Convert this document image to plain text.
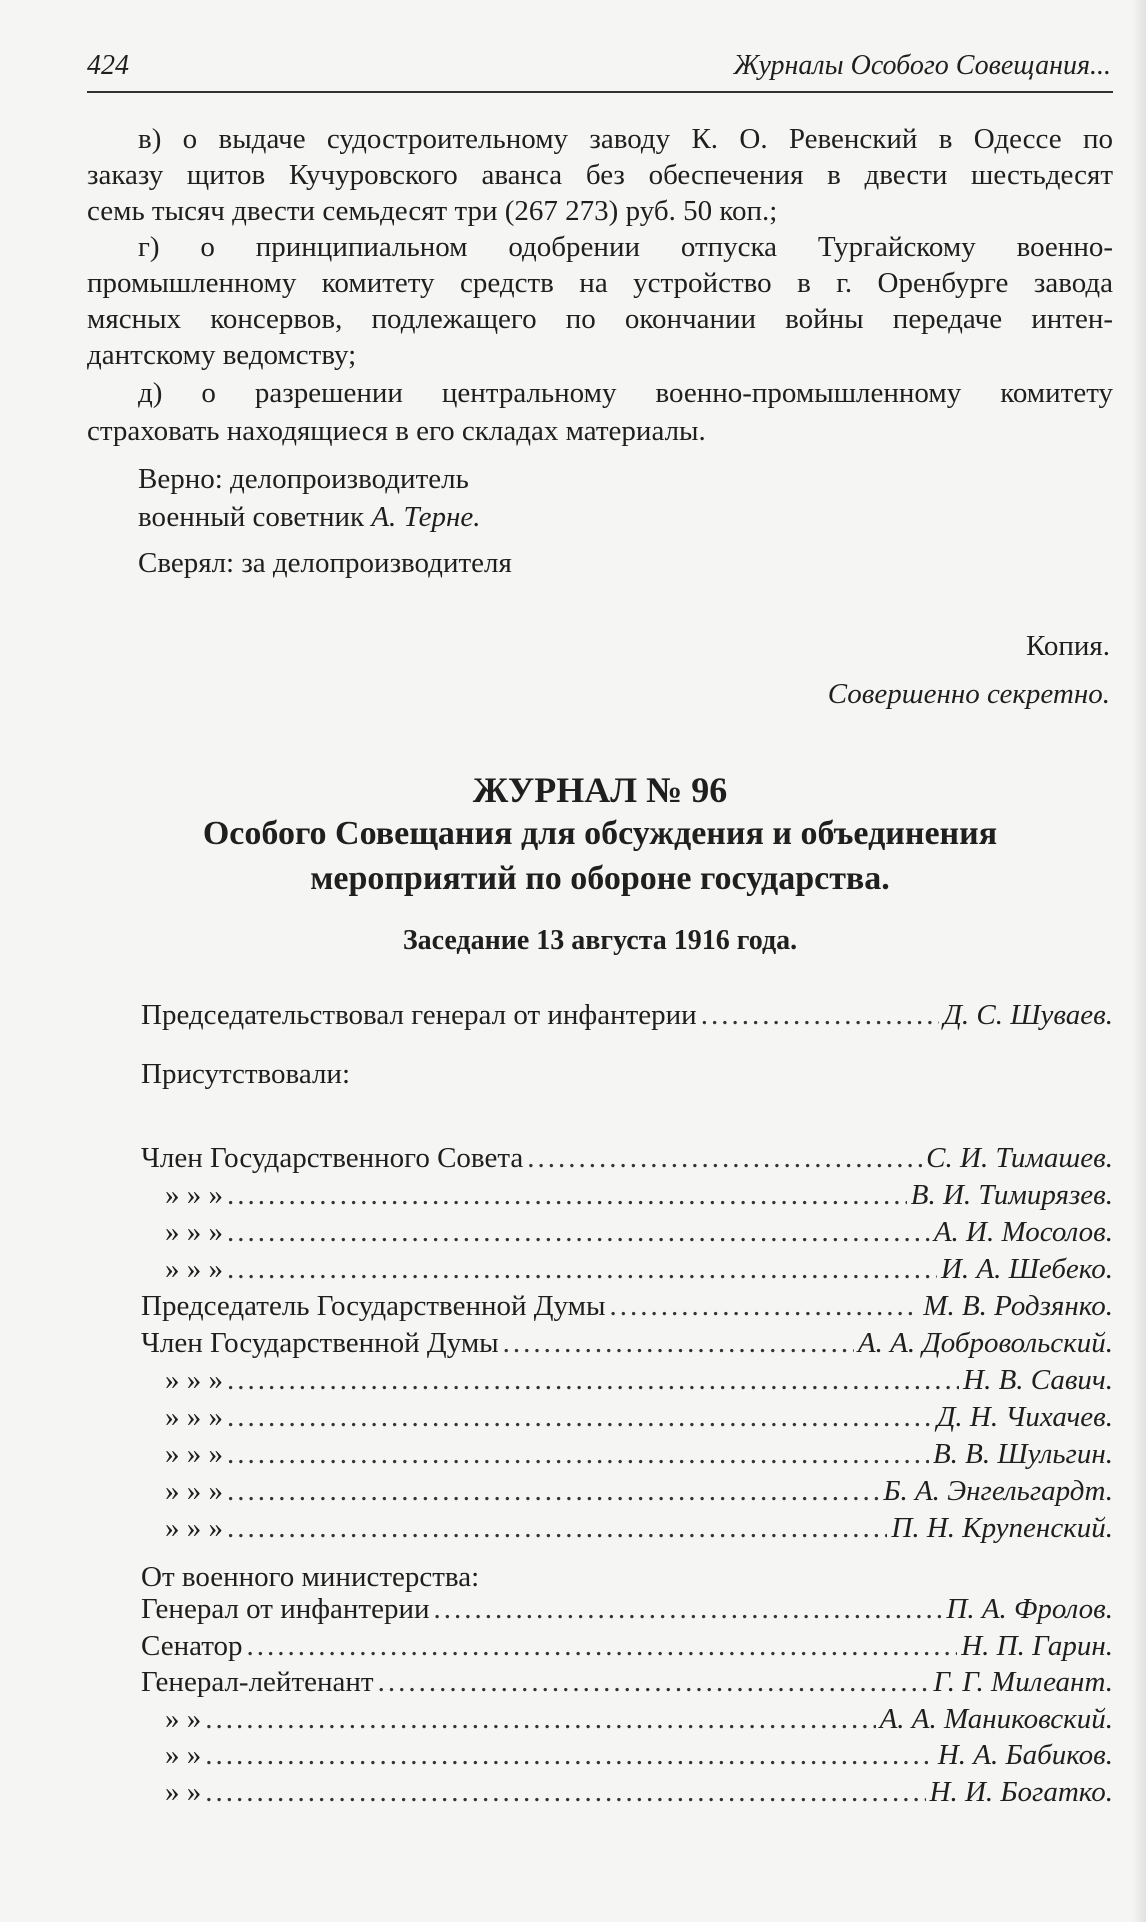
424	Журналы Особого Совещания...
в) о выдаче судостроительному заводу К. О. Ревенский в Одессе по
заказу щитов Кучуровского аванса без обеспечения в двести шестьдесят
семь тысяч двести семьдесят три (267 273) руб. 50 коп.;
г) о принципиальном одобрении отпуска Тургайскому военно-
промышленному комитету средств на устройство в г. Оренбурге завода
мясных консервов, подлежащего по окончании войны передаче интен-
дантскому ведомству;
д) о разрешении центральному военно-промышленному комитету
страховать находящиеся в его складах материалы.
Верно: делопроизводитель
военный советник А. Терне.
Сверял: за делопроизводителя
Копия.
Совершенно секретно.
ЖУРНАЛ № 96
Особого Совещания для обсуждения и объединения
мероприятий по обороне государства.
Заседание 13 августа 1916 года.
Председательствовал генерал от инфантерии .....	Д. С. Шуваев.
Присутствовали:
Член Государственного Совета .....	С. И. Тимашев.
» » » .....	В. И. Тимирязев.
» » » .....	А. И. Мосолов.
» » » .....	И. А. Шебеко.
Председатель Государственной Думы .....	М. В. Родзянко.
Член Государственной Думы .....	А. А. Добровольский.
» » » .....	Н. В. Савич.
» » » .....	Д. Н. Чихачев.
» » » .....	В. В. Шульгин.
» » » .....	Б. А. Энгельгардт.
» » » .....	П. Н. Крупенский.
От военного министерства:
Генерал от инфантерии .....	П. А. Фролов.
Сенатор .....	Н. П. Гарин.
Генерал-лейтенант .....	Г. Г. Милеант.
» » .....	А. А. Маниковский.
» » .....	Н. А. Бабиков.
» » .....	Н. И. Богатко.
